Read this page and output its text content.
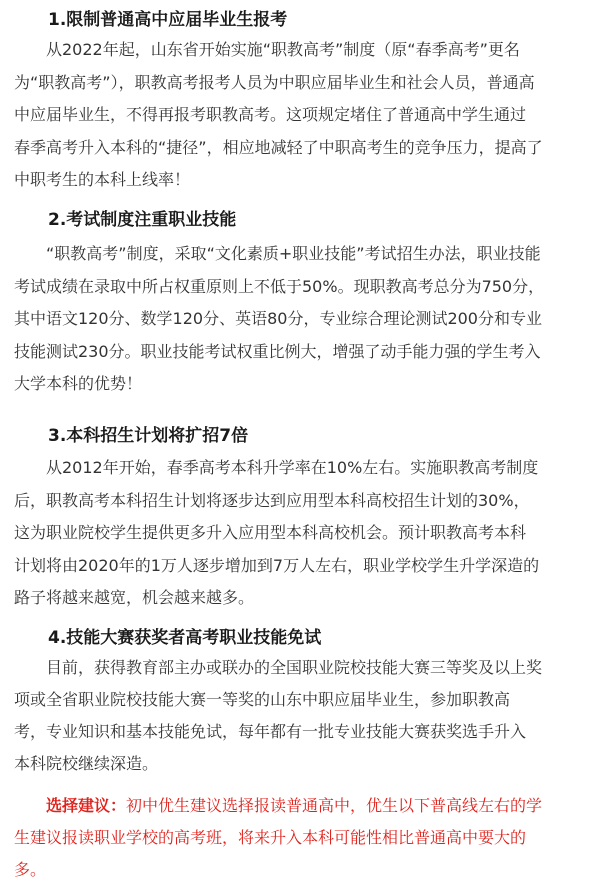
1.限制普通高中应届毕业生报考
从2022年起，山东省开始实施“职教高考”制度（原“春季高考”更名
为“职教高考”），职教高考报考人员为中职应届毕业生和社会人员，普通高
中应届毕业生，不得再报考职教高考。这项规定堵住了普通高中学生通过
春季高考升入本科的“捷径”，相应地减轻了中职高考生的竞争压力，提高了
中职考生的本科上线率！
2.考试制度注重职业技能
“职教高考”制度，采取“文化素质+职业技能”考试招生办法，职业技能
考试成绩在录取中所占权重原则上不低于50%。现职教高考总分为750分，
其中语文120分、数学120分、英语80分，专业综合理论测试200分和专业
技能测试230分。职业技能考试权重比例大，增强了动手能力强的学生考入
大学本科的优势！
3.本科招生计划将扩招7倍
从2012年开始，春季高考本科升学率在10%左右。实施职教高考制度
后，职教高考本科招生计划将逐步达到应用型本科高校招生计划的30%，
这为职业院校学生提供更多升入应用型本科高校机会。预计职教高考本科
计划将由2020年的1万人逐步增加到7万人左右，职业学校学生升学深造的
路子将越来越宽，机会越来越多。
4.技能大赛获奖者高考职业技能免试
目前，获得教育部主办或联办的全国职业院校技能大赛三等奖及以上奖
项或全省职业院校技能大赛一等奖的山东中职应届毕业生，参加职教高
考，专业知识和基本技能免试，每年都有一批专业技能大赛获奖选手升入
本科院校继续深造。
选择建议：初中优生建议选择报读普通高中，优生以下普高线左右的学
生建议报读职业学校的高考班，将来升入本科可能性相比普通高中要大的
多。
